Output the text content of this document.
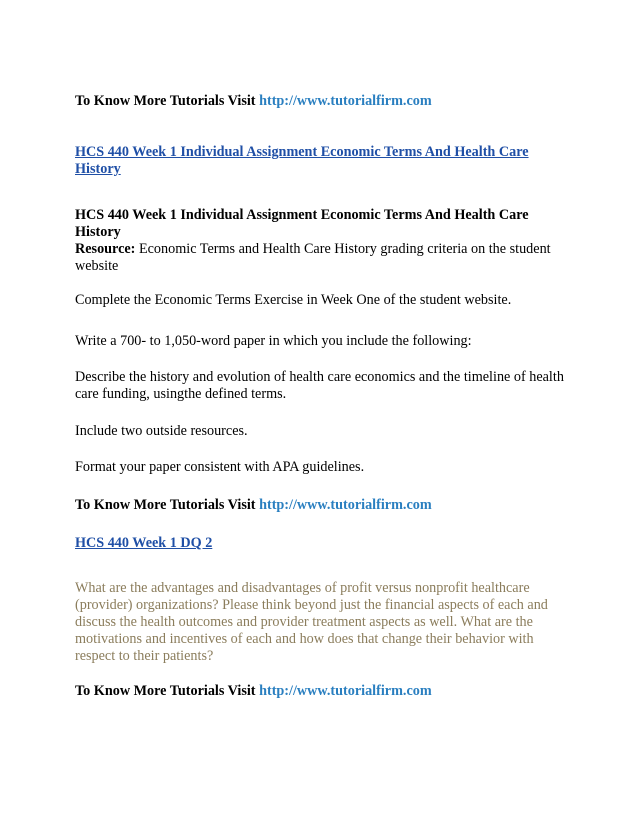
To Know More Tutorials Visit http://www.tutorialfirm.com

HCS 440 Week 1 Individual Assignment Economic Terms And Health Care History

HCS 440 Week 1 Individual Assignment Economic Terms And Health Care History
Resource: Economic Terms and Health Care History grading criteria on the student website

Complete the Economic Terms Exercise in Week One of the student website.

Write a 700- to 1,050-word paper in which you include the following:

Describe the history and evolution of health care economics and the timeline of health care funding, usingthe defined terms.

Include two outside resources.

Format your paper consistent with APA guidelines.

To Know More Tutorials Visit http://www.tutorialfirm.com

HCS 440 Week 1 DQ 2

What are the advantages and disadvantages of profit versus nonprofit healthcare (provider) organizations? Please think beyond just the financial aspects of each and discuss the health outcomes and provider treatment aspects as well. What are the motivations and incentives of each and how does that change their behavior with respect to their patients?

To Know More Tutorials Visit http://www.tutorialfirm.com
